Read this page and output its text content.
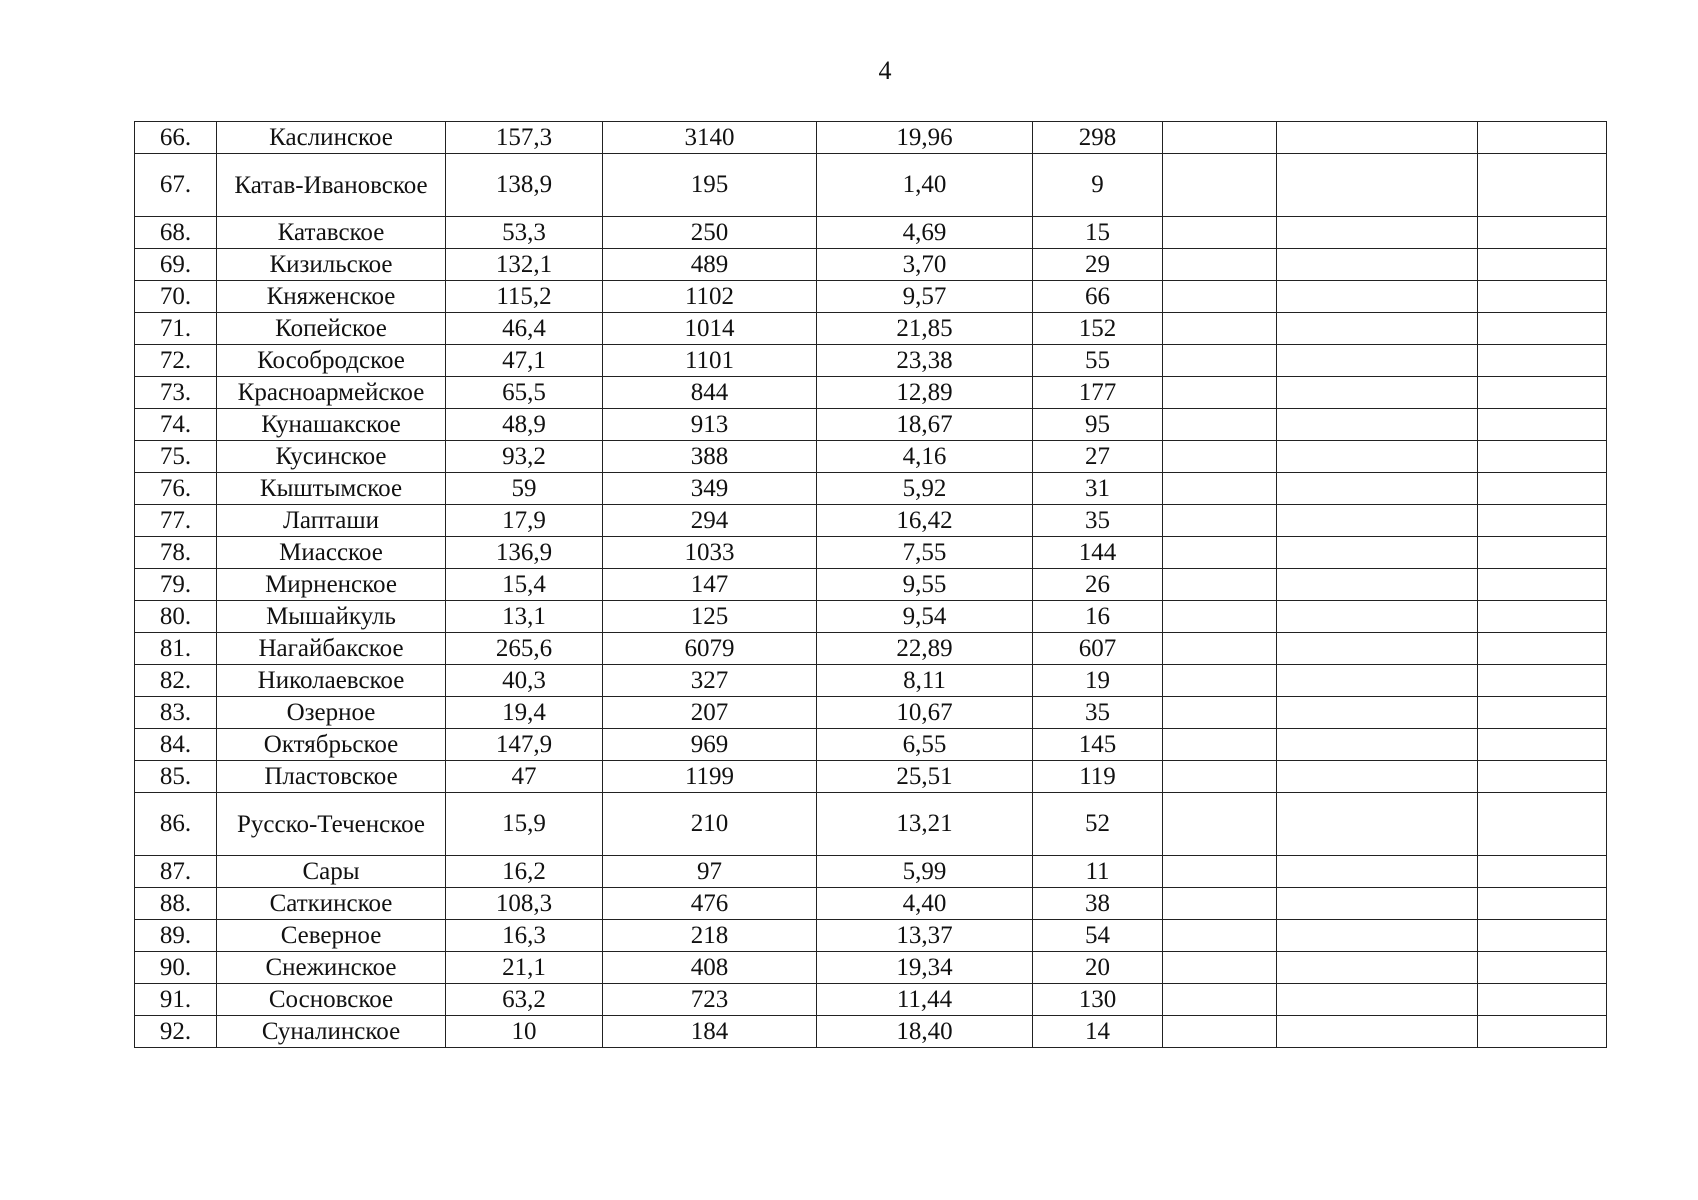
4
66.	Каслинское	157,3	3140	19,96	298			
67.	Катав-Ивановское	138,9	195	1,40	9			
68.	Катавское	53,3	250	4,69	15			
69.	Кизильское	132,1	489	3,70	29			
70.	Княженское	115,2	1102	9,57	66			
71.	Копейское	46,4	1014	21,85	152			
72.	Кособродское	47,1	1101	23,38	55			
73.	Красноармейское	65,5	844	12,89	177			
74.	Кунашакское	48,9	913	18,67	95			
75.	Кусинское	93,2	388	4,16	27			
76.	Кыштымское	59	349	5,92	31			
77.	Лапташи	17,9	294	16,42	35			
78.	Миасское	136,9	1033	7,55	144			
79.	Мирненское	15,4	147	9,55	26			
80.	Мышайкуль	13,1	125	9,54	16			
81.	Нагайбакское	265,6	6079	22,89	607			
82.	Николаевское	40,3	327	8,11	19			
83.	Озерное	19,4	207	10,67	35			
84.	Октябрьское	147,9	969	6,55	145			
85.	Пластовское	47	1199	25,51	119			
86.	Русско-Теченское	15,9	210	13,21	52			
87.	Сары	16,2	97	5,99	11			
88.	Саткинское	108,3	476	4,40	38			
89.	Северное	16,3	218	13,37	54			
90.	Снежинское	21,1	408	19,34	20			
91.	Сосновское	63,2	723	11,44	130			
92.	Суналинское	10	184	18,40	14			
